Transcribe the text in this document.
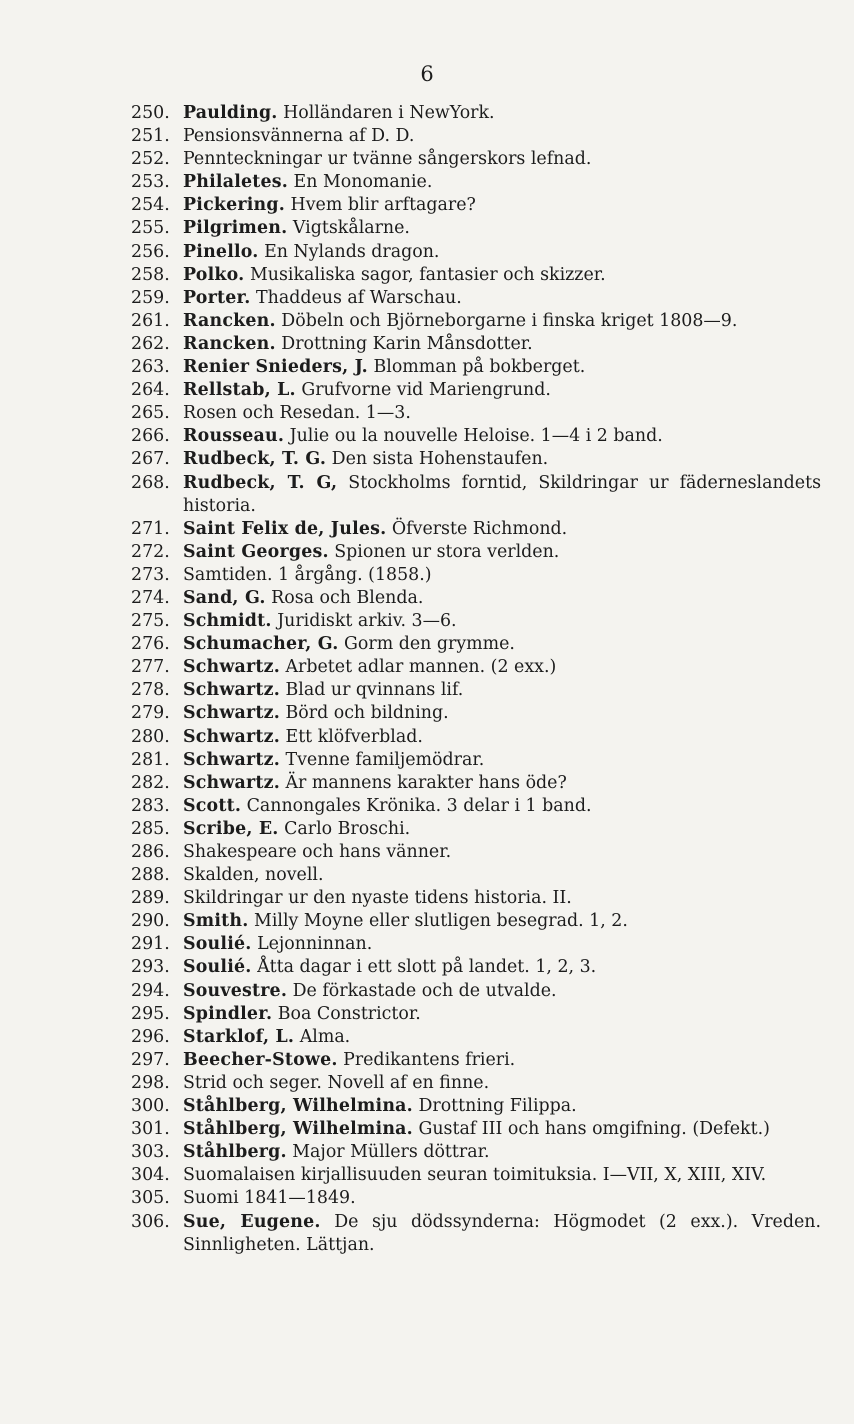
6
250. Paulding. Holländaren i NewYork.
251. Pensionsvännerna af D. D.
252. Pennteckningar ur tvänne sångerskors lefnad.
253. Philaletes. En Monomanie.
254. Pickering. Hvem blir arftagare?
255. Pilgrimen. Vigtskålarne.
256. Pinello. En Nylands dragon.
258. Polko. Musikaliska sagor, fantasier och skizzer.
259. Porter. Thaddeus af Warschau.
261. Rancken. Döbeln och Björneborgarne i finska kriget 1808—9.
262. Rancken. Drottning Karin Månsdotter.
263. Renier Snieders, J. Blomman på bokberget.
264. Rellstab, L. Grufvorne vid Mariengrund.
265. Rosen och Resedan. 1—3.
266. Rousseau. Julie ou la nouvelle Heloise. 1—4 i 2 band.
267. Rudbeck, T. G. Den sista Hohenstaufen.
268. Rudbeck, T. G, Stockholms forntid, Skildringar ur fäderneslandets historia.
271. Saint Felix de, Jules. Öfverste Richmond.
272. Saint Georges. Spionen ur stora verlden.
273. Samtiden. 1 årgång. (1858.)
274. Sand, G. Rosa och Blenda.
275. Schmidt. Juridiskt arkiv. 3—6.
276. Schumacher, G. Gorm den grymme.
277. Schwartz. Arbetet adlar mannen. (2 exx.)
278. Schwartz. Blad ur qvinnans lif.
279. Schwartz. Börd och bildning.
280. Schwartz. Ett klöfverblad.
281. Schwartz. Tvenne familjemödrar.
282. Schwartz. Är mannens karakter hans öde?
283. Scott. Cannongales Krönika. 3 delar i 1 band.
285. Scribe, E. Carlo Broschi.
286. Shakespeare och hans vänner.
288. Skalden, novell.
289. Skildringar ur den nyaste tidens historia. II.
290. Smith. Milly Moyne eller slutligen besegrad. 1, 2.
291. Soulié. Lejonninnan.
293. Soulié. Åtta dagar i ett slott på landet. 1, 2, 3.
294. Souvestre. De förkastade och de utvalde.
295. Spindler. Boa Constrictor.
296. Starklof, L. Alma.
297. Beecher-Stowe. Predikantens frieri.
298. Strid och seger. Novell af en finne.
300. Ståhlberg, Wilhelmina. Drottning Filippa.
301. Ståhlberg, Wilhelmina. Gustaf III och hans omgifning. (Defekt.)
303. Ståhlberg. Major Müllers döttrar.
304. Suomalaisen kirjallisuuden seuran toimituksia. I—VII, X, XIII, XIV.
305. Suomi 1841—1849.
306. Sue, Eugene. De sju dödssynderna: Högmodet (2 exx.). Vreden. Sinnligheten. Lättjan.
